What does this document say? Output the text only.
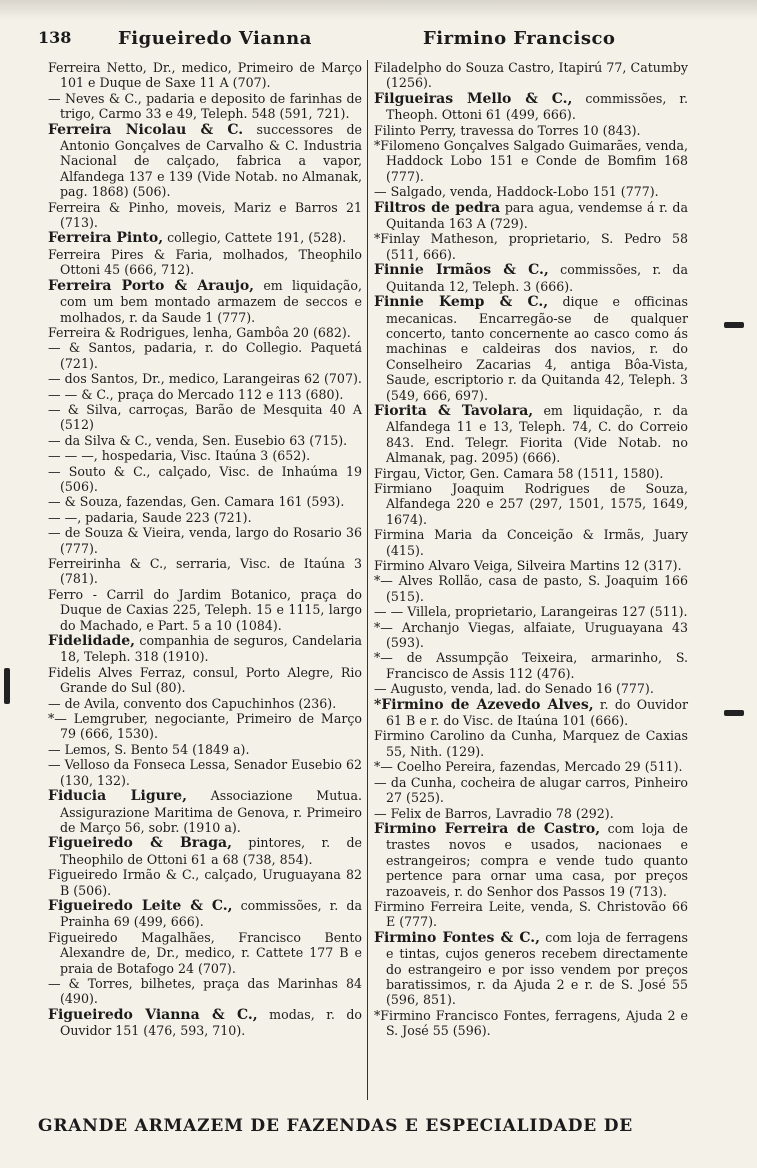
138	Figueiredo Vianna	Firmino Francisco

Ferreira Netto, Dr., medico, Primeiro de Março 101 e Duque de Saxe 11 A (707).

— Neves & C., padaria e deposito de farinhas de trigo, Carmo 33 e 49, Teleph. 548 (591, 721).

Ferreira Nicolau & C. successores de Antonio Gonçalves de Carvalho & C. Industria Nacional de calçado, fabrica a vapor, Alfandega 137 e 139 (Vide Notab. no Almanak, pag. 1868) (506).

Ferreira & Pinho, moveis, Mariz e Barros 21 (713).

Ferreira Pinto, collegio, Cattete 191, (528).

Ferreira Pires & Faria, molhados, Theophilo Ottoni 45 (666, 712).

Ferreira Porto & Araujo, em liquidação, com um bem montado armazem de seccos e molhados, r. da Saude 1 (777).

Ferreira & Rodrigues, lenha, Gambôa 20 (682).

— & Santos, padaria, r. do Collegio. Paquetá (721).

— dos Santos, Dr., medico, Larangeiras 62 (707).

— — & C., praça do Mercado 112 e 113 (680).

— & Silva, carroças, Barão de Mesquita 40 A (512)

— da Silva & C., venda, Sen. Eusebio 63 (715).

— — —, hospedaria, Visc. Itaúna 3 (652).

— Souto & C., calçado, Visc. de Inhaúma 19 (506).

— & Souza, fazendas, Gen. Camara 161 (593).

— —, padaria, Saude 223 (721).

— de Souza & Vieira, venda, largo do Rosario 36 (777).

Ferreirinha & C., serraria, Visc. de Itaúna 3 (781).

Ferro - Carril do Jardim Botanico, praça do Duque de Caxias 225, Teleph. 15 e 1115, largo do Machado, e Part. 5 a 10 (1084).

Fidelidade, companhia de seguros, Candelaria 18, Teleph. 318 (1910).

Fidelis Alves Ferraz, consul, Porto Alegre, Rio Grande do Sul (80).

— de Avila, convento dos Capuchinhos (236).

*— Lemgruber, negociante, Primeiro de Março 79 (666, 1530).

— Lemos, S. Bento 54 (1849 a).

— Velloso da Fonseca Lessa, Senador Eusebio 62 (130, 132).

Fiducia Ligure, Associazione Mutua. Assigurazione Maritima de Genova, r. Primeiro de Março 56, sobr. (1910 a).

Figueiredo & Braga, pintores, r. de Theophilo de Ottoni 61 a 68 (738, 854).

Figueiredo Irmão & C., calçado, Uruguayana 82 B (506).

Figueiredo Leite & C., commissões, r. da Prainha 69 (499, 666).

Figueiredo Magalhães, Francisco Bento Alexandre de, Dr., medico, r. Cattete 177 B e praia de Botafogo 24 (707).

— & Torres, bilhetes, praça das Marinhas 84 (490).

Figueiredo Vianna & C., modas, r. do Ouvidor 151 (476, 593, 710).

Filadelpho do Souza Castro, Itapirú 77, Catumby (1256).

Filgueiras Mello & C., commissões, r. Theoph. Ottoni 61 (499, 666).

Filinto Perry, travessa do Torres 10 (843).

*Filomeno Gonçalves Salgado Guimarães, venda, Haddock Lobo 151 e Conde de Bomfim 168 (777).

— Salgado, venda, Haddock-Lobo 151 (777).

Filtros de pedra para agua, vendemse á r. da Quitanda 163 A (729).

*Finlay Matheson, proprietario, S. Pedro 58 (511, 666).

Finnie Irmãos & C., commissões, r. da Quitanda 12, Teleph. 3 (666).

Finnie Kemp & C., dique e officinas mecanicas. Encarregão-se de qualquer concerto, tanto concernente ao casco como ás machinas e caldeiras dos navios, r. do Conselheiro Zacarias 4, antiga Bôa-Vista, Saude, escriptorio r. da Quitanda 42, Teleph. 3 (549, 666, 697).

Fiorita & Tavolara, em liquidação, r. da Alfandega 11 e 13, Teleph. 74, C. do Correio 843. End. Telegr. Fiorita (Vide Notab. no Almanak, pag. 2095) (666).

Firgau, Victor, Gen. Camara 58 (1511, 1580).

Firmiano Joaquim Rodrigues de Souza, Alfandega 220 e 257 (297, 1501, 1575, 1649, 1674).

Firmina Maria da Conceição & Irmãs, Juary (415).

Firmino Alvaro Veiga, Silveira Martins 12 (317).

*— Alves Rollão, casa de pasto, S. Joaquim 166 (515).

— — Villela, proprietario, Larangeiras 127 (511).

*— Archanjo Viegas, alfaiate, Uruguayana 43 (593).

*— de Assumpção Teixeira, armarinho, S. Francisco de Assis 112 (476).

— Augusto, venda, lad. do Senado 16 (777).

*Firmino de Azevedo Alves, r. do Ouvidor 61 B e r. do Visc. de Itaúna 101 (666).

Firmino Carolino da Cunha, Marquez de Caxias 55, Nith. (129).

*— Coelho Pereira, fazendas, Mercado 29 (511).

— da Cunha, cocheira de alugar carros, Pinheiro 27 (525).

— Felix de Barros, Lavradio 78 (292).

Firmino Ferreira de Castro, com loja de trastes novos e usados, nacionaes e estrangeiros; compra e vende tudo quanto pertence para ornar uma casa, por preços razoaveis, r. do Senhor dos Passos 19 (713).

Firmino Ferreira Leite, venda, S. Christovão 66 E (777).

Firmino Fontes & C., com loja de ferragens e tintas, cujos generos recebem directamente do estrangeiro e por isso vendem por preços baratissimos, r. da Ajuda 2 e r. de S. José 55 (596, 851).

*Firmino Francisco Fontes, ferragens, Ajuda 2 e S. José 55 (596).

GRANDE ARMAZEM DE FAZENDAS E ESPECIALIDADE DE
